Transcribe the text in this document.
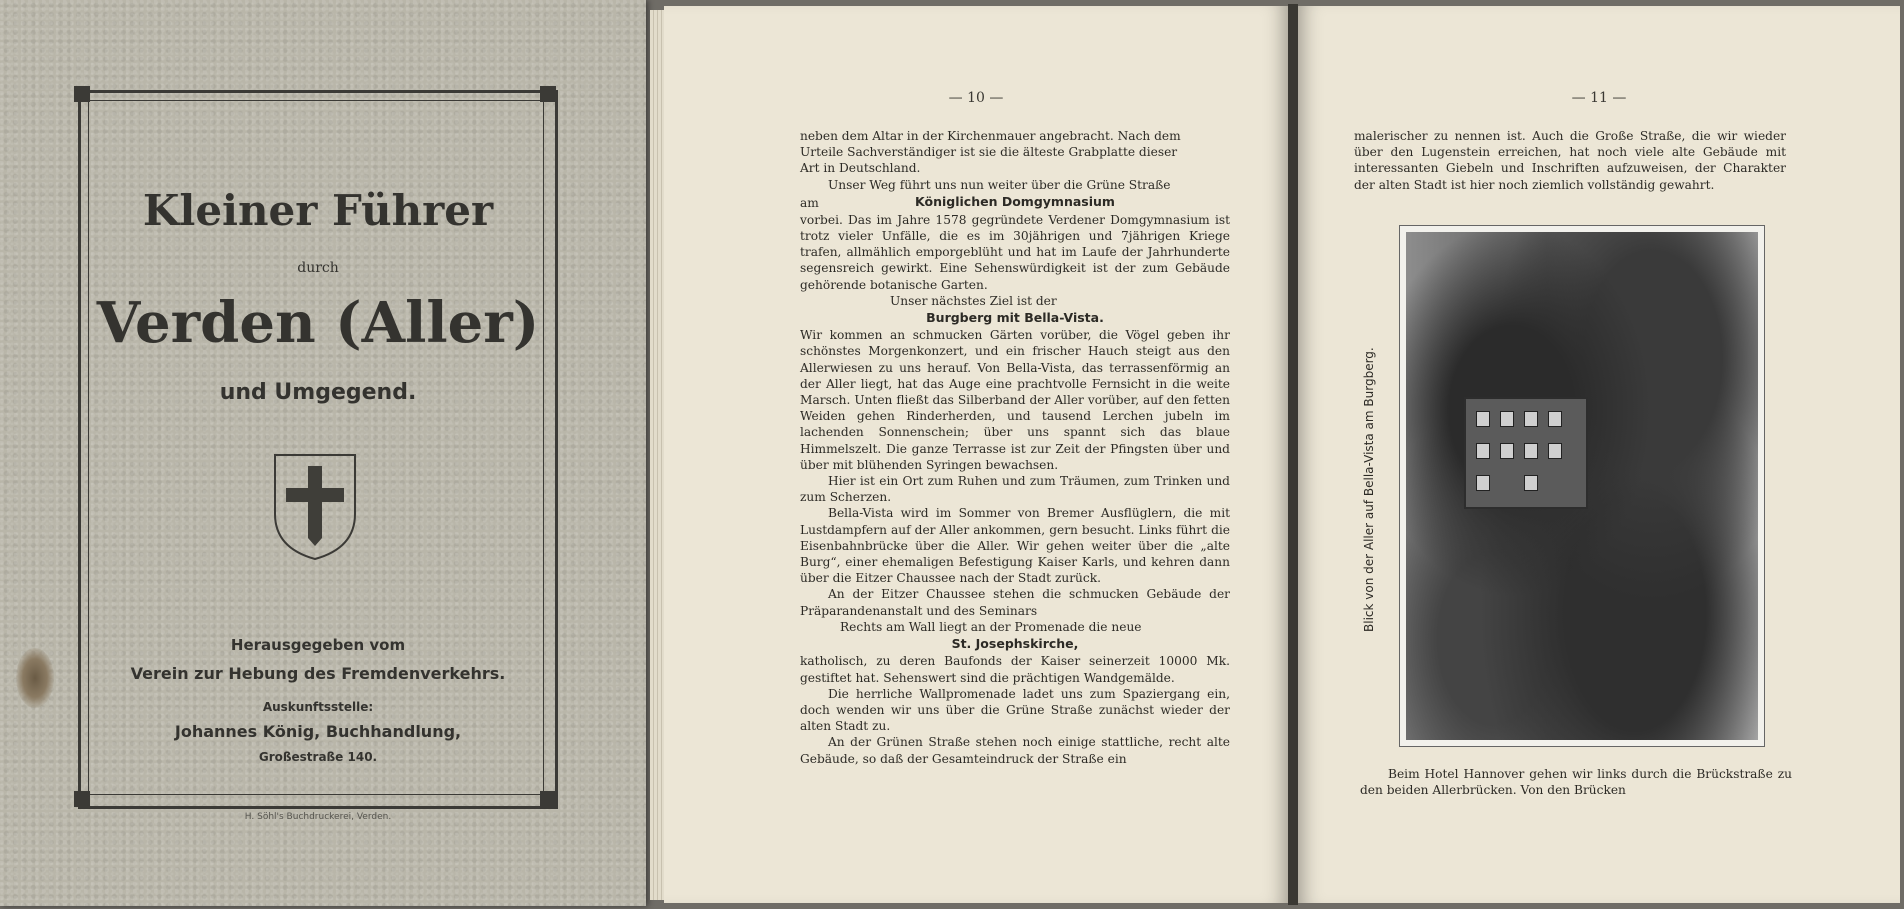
Kleiner Führer
durch
Verden (Aller)
und Umgegend.
Herausgegeben vom
Verein zur Hebung des Fremdenverkehrs.
Auskunftsstelle:
Johannes König, Buchhandlung,
Großestraße 140.
H. Söhl's Buchdruckerei, Verden.
— 10 —	— 11 —

neben dem Altar in der Kirchenmauer angebracht. Nach dem

Urteile Sachverständiger ist sie die älteste Grabplatte dieser

Art in Deutschland.

Unser Weg führt uns nun weiter über die Grüne Straße

am	Königlichen Domgymnasium

vorbei. Das im Jahre 1578 gegründete Verdener Domgymnasium ist trotz vieler Unfälle, die es im 30jährigen und 7jährigen Kriege trafen, allmählich emporgeblüht und hat im Laufe der Jahrhunderte segensreich gewirkt. Eine Sehenswürdigkeit ist der zum Gebäude gehörende botanische Garten.

Unser nächstes Ziel ist der

Burgberg mit Bella-Vista.

Wir kommen an schmucken Gärten vorüber, die Vögel geben ihr schönstes Morgenkonzert, und ein frischer Hauch steigt aus den Allerwiesen zu uns herauf. Von Bella-Vista, das terrassenförmig an der Aller liegt, hat das Auge eine prachtvolle Fernsicht in die weite Marsch. Unten fließt das Silberband der Aller vorüber, auf den fetten Weiden gehen Rinderherden, und tausend Lerchen jubeln im lachenden Sonnenschein; über uns spannt sich das blaue Himmelszelt. Die ganze Terrasse ist zur Zeit der Pfingsten über und über mit blühenden Syringen bewachsen.

Hier ist ein Ort zum Ruhen und zum Träumen, zum Trinken und zum Scherzen.

Bella-Vista wird im Sommer von Bremer Ausflüglern, die mit Lustdampfern auf der Aller ankommen, gern besucht. Links führt die Eisenbahnbrücke über die Aller. Wir gehen weiter über die „alte Burg“, einer ehemaligen Befestigung Kaiser Karls, und kehren dann über die Eitzer Chaussee nach der Stadt zurück.

An der Eitzer Chaussee stehen die schmucken Gebäude der Präparandenanstalt und des Seminars

Rechts am Wall liegt an der Promenade die neue

St. Josephskirche,

katholisch, zu deren Baufonds der Kaiser seinerzeit 10000 Mk. gestiftet hat. Sehenswert sind die prächtigen Wandgemälde.

Die herrliche Wallpromenade ladet uns zum Spaziergang ein, doch wenden wir uns über die Grüne Straße zunächst wieder der alten Stadt zu.

An der Grünen Straße stehen noch einige stattliche, recht alte Gebäude, so daß der Gesamteindruck der Straße ein

malerischer zu nennen ist. Auch die Große Straße, die wir wieder über den Lugenstein erreichen, hat noch viele alte Gebäude mit interessanten Giebeln und Inschriften aufzuweisen, der Charakter der alten Stadt ist hier noch ziemlich vollständig gewahrt.

Blick von der Aller auf Bella-Vista am Burgberg.

Beim Hotel Hannover gehen wir links durch die Brückstraße zu den beiden Allerbrücken. Von den Brücken
